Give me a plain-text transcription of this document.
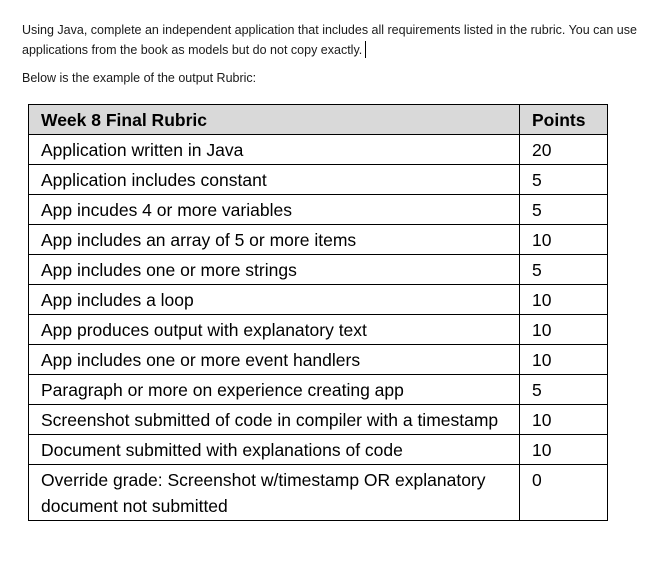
Using Java, complete an independent application that includes all requirements listed in the rubric. You can use applications from the book as models but do not copy exactly.
Below is the example of the output Rubric:
Week 8 Final Rubric	Points
Application written in Java	20
Application includes constant	5
App incudes 4 or more variables	5
App includes an array of 5 or more items	10
App includes one or more strings	5
App includes a loop	10
App produces output with explanatory text	10
App includes one or more event handlers	10
Paragraph or more on experience creating app	5
Screenshot submitted of code in compiler with a timestamp	10
Document submitted with explanations of code	10
Override grade: Screenshot w/timestamp OR explanatory document not submitted	0
